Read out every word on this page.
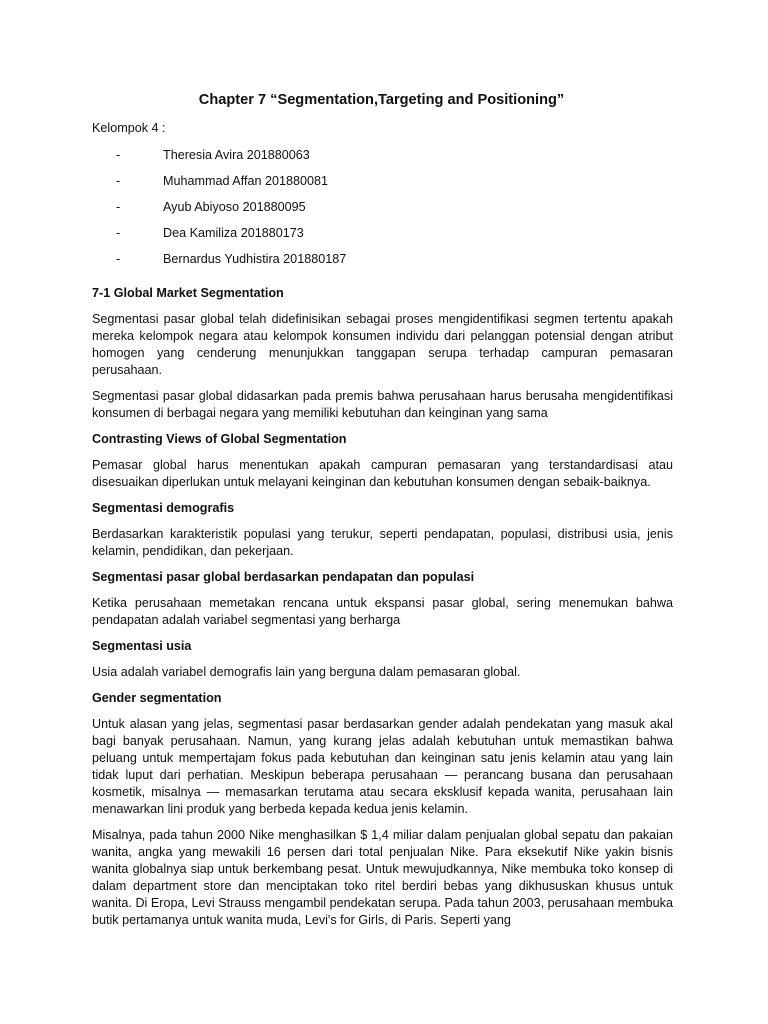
Chapter 7 “Segmentation,Targeting and Positioning”
Kelompok 4 :
-	Theresia Avira 201880063
-	Muhammad Affan 201880081
-	Ayub Abiyoso 201880095
-	Dea Kamiliza 201880173
-	Bernardus Yudhistira 201880187
7-1 Global Market Segmentation

Segmentasi pasar global telah didefinisikan sebagai proses mengidentifikasi segmen tertentu apakah mereka kelompok negara atau kelompok konsumen individu dari pelanggan potensial dengan atribut homogen yang cenderung menunjukkan tanggapan serupa terhadap campuran pemasaran perusahaan.

Segmentasi pasar global didasarkan pada premis bahwa perusahaan harus berusaha mengidentifikasi konsumen di berbagai negara yang memiliki kebutuhan dan keinginan yang sama

Contrasting Views of Global Segmentation

Pemasar global harus menentukan apakah campuran pemasaran yang terstandardisasi atau disesuaikan diperlukan untuk melayani keinginan dan kebutuhan konsumen dengan sebaik-baiknya.

Segmentasi demografis

Berdasarkan karakteristik populasi yang terukur, seperti pendapatan, populasi, distribusi usia, jenis kelamin, pendidikan, dan pekerjaan.

Segmentasi pasar global berdasarkan pendapatan dan populasi

Ketika perusahaan memetakan rencana untuk ekspansi pasar global, sering menemukan bahwa pendapatan adalah variabel segmentasi yang berharga

Segmentasi usia

Usia adalah variabel demografis lain yang berguna dalam pemasaran global.

Gender segmentation

Untuk alasan yang jelas, segmentasi pasar berdasarkan gender adalah pendekatan yang masuk akal bagi banyak perusahaan. Namun, yang kurang jelas adalah kebutuhan untuk memastikan bahwa peluang untuk mempertajam fokus pada kebutuhan dan keinginan satu jenis kelamin atau yang lain tidak luput dari perhatian. Meskipun beberapa perusahaan — perancang busana dan perusahaan kosmetik, misalnya — memasarkan terutama atau secara eksklusif kepada wanita, perusahaan lain menawarkan lini produk yang berbeda kepada kedua jenis kelamin.

Misalnya, pada tahun 2000 Nike menghasilkan $ 1,4 miliar dalam penjualan global sepatu dan pakaian wanita, angka yang mewakili 16 persen dari total penjualan Nike. Para eksekutif Nike yakin bisnis wanita globalnya siap untuk berkembang pesat. Untuk mewujudkannya, Nike membuka toko konsep di dalam department store dan menciptakan toko ritel berdiri bebas yang dikhususkan khusus untuk wanita. Di Eropa, Levi Strauss mengambil pendekatan serupa. Pada tahun 2003, perusahaan membuka butik pertamanya untuk wanita muda, Levi's for Girls, di Paris. Seperti yang
